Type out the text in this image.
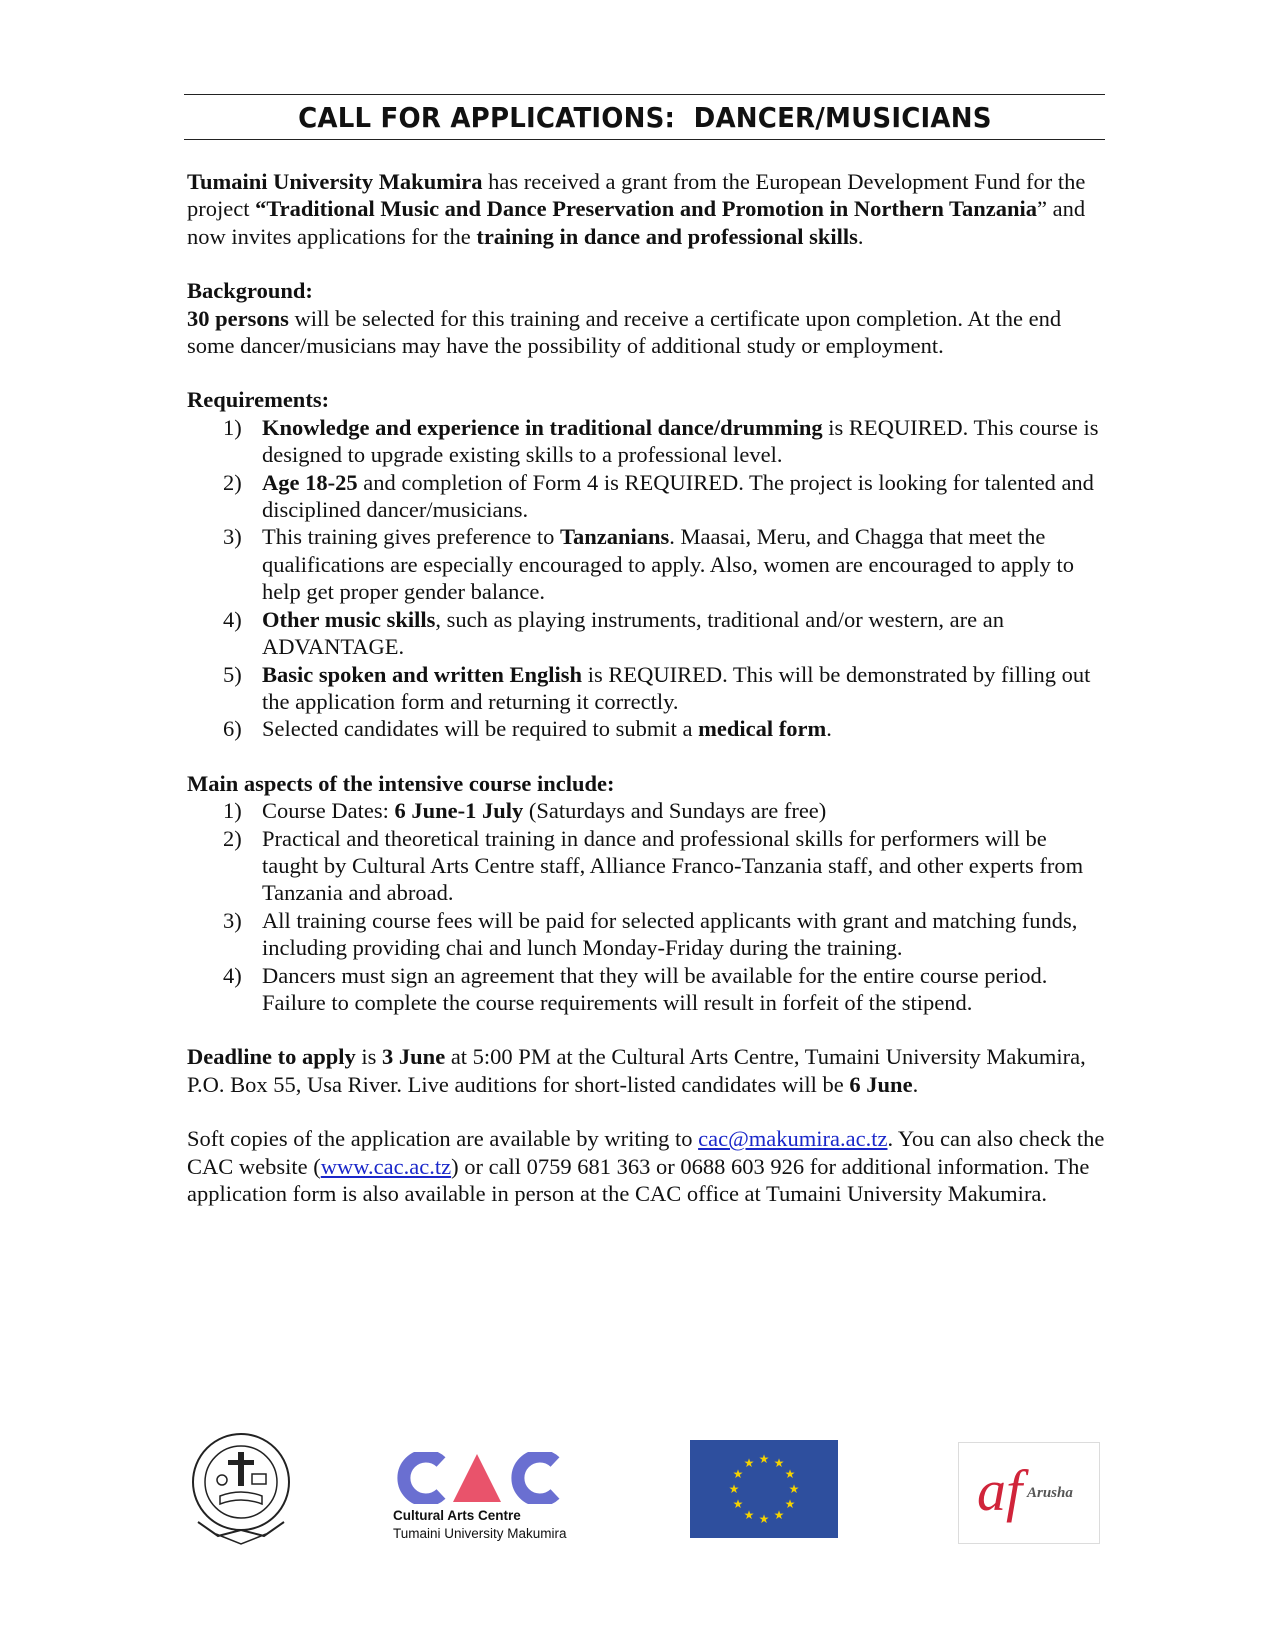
CALL FOR APPLICATIONS:  DANCER/MUSICIANS

Tumaini University Makumira has received a grant from the European Development Fund for the project “Traditional Music and Dance Preservation and Promotion in Northern Tanzania” and now invites applications for the training in dance and professional skills.

Background:
30 persons will be selected for this training and receive a certificate upon completion. At the end some dancer/musicians may have the possibility of additional study or employment.

Requirements:
1) Knowledge and experience in traditional dance/drumming is REQUIRED. This course is designed to upgrade existing skills to a professional level.
2) Age 18-25 and completion of Form 4 is REQUIRED. The project is looking for talented and disciplined dancer/musicians.
3) This training gives preference to Tanzanians. Maasai, Meru, and Chagga that meet the qualifications are especially encouraged to apply. Also, women are encouraged to apply to help get proper gender balance.
4) Other music skills, such as playing instruments, traditional and/or western, are an ADVANTAGE.
5) Basic spoken and written English is REQUIRED. This will be demonstrated by filling out the application form and returning it correctly.
6) Selected candidates will be required to submit a medical form.
Main aspects of the intensive course include:
1) Course Dates: 6 June-1 July (Saturdays and Sundays are free)
2) Practical and theoretical training in dance and professional skills for performers will be taught by Cultural Arts Centre staff, Alliance Franco-Tanzania staff, and other experts from Tanzania and abroad.
3) All training course fees will be paid for selected applicants with grant and matching funds, including providing chai and lunch Monday-Friday during the training.
4) Dancers must sign an agreement that they will be available for the entire course period. Failure to complete the course requirements will result in forfeit of the stipend.

Deadline to apply is 3 June at 5:00 PM at the Cultural Arts Centre, Tumaini University Makumira, P.O. Box 55, Usa River. Live auditions for short-listed candidates will be 6 June.

Soft copies of the application are available by writing to cac@makumira.ac.tz. You can also check the CAC website (www.cac.ac.tz) or call 0759 681 363 or 0688 603 926 for additional information. The application form is also available in person at the CAC office at Tumaini University Makumira.

Cultural Arts Centre
Tumaini University Makumira
★ ★
★
★
★
★
★
★
★
★
★
★	af Arusha
